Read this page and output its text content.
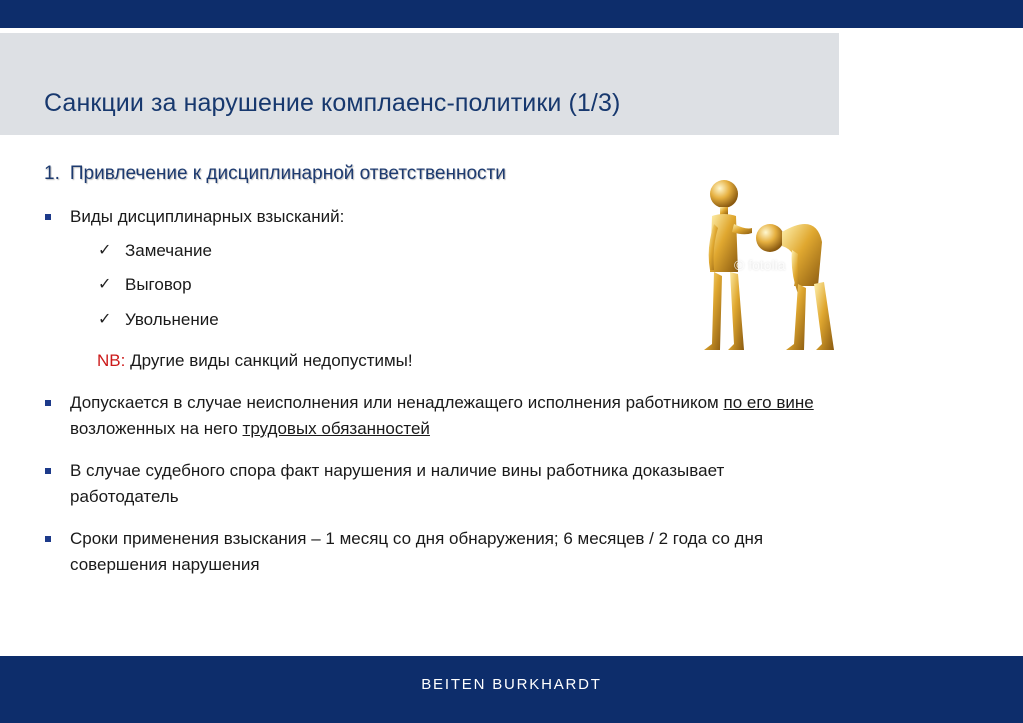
Санкции за нарушение комплаенс-политики (1/3)
1. Привлечение к дисциплинарной ответственности
Виды дисциплинарных взысканий:
✓ Замечание
✓ Выговор
✓ Увольнение
NB: Другие виды санкций недопустимы!
Допускается в случае неисполнения или ненадлежащего исполнения работником по его вине
возложенных на него трудовых обязанностей
В случае судебного спора факт нарушения и наличие вины работника доказывает
работодатель
Сроки применения взыскания – 1 месяц со дня обнаружения; 6 месяцев / 2 года со дня
совершения нарушения
© fotolia
BEITEN BURKHARDT
